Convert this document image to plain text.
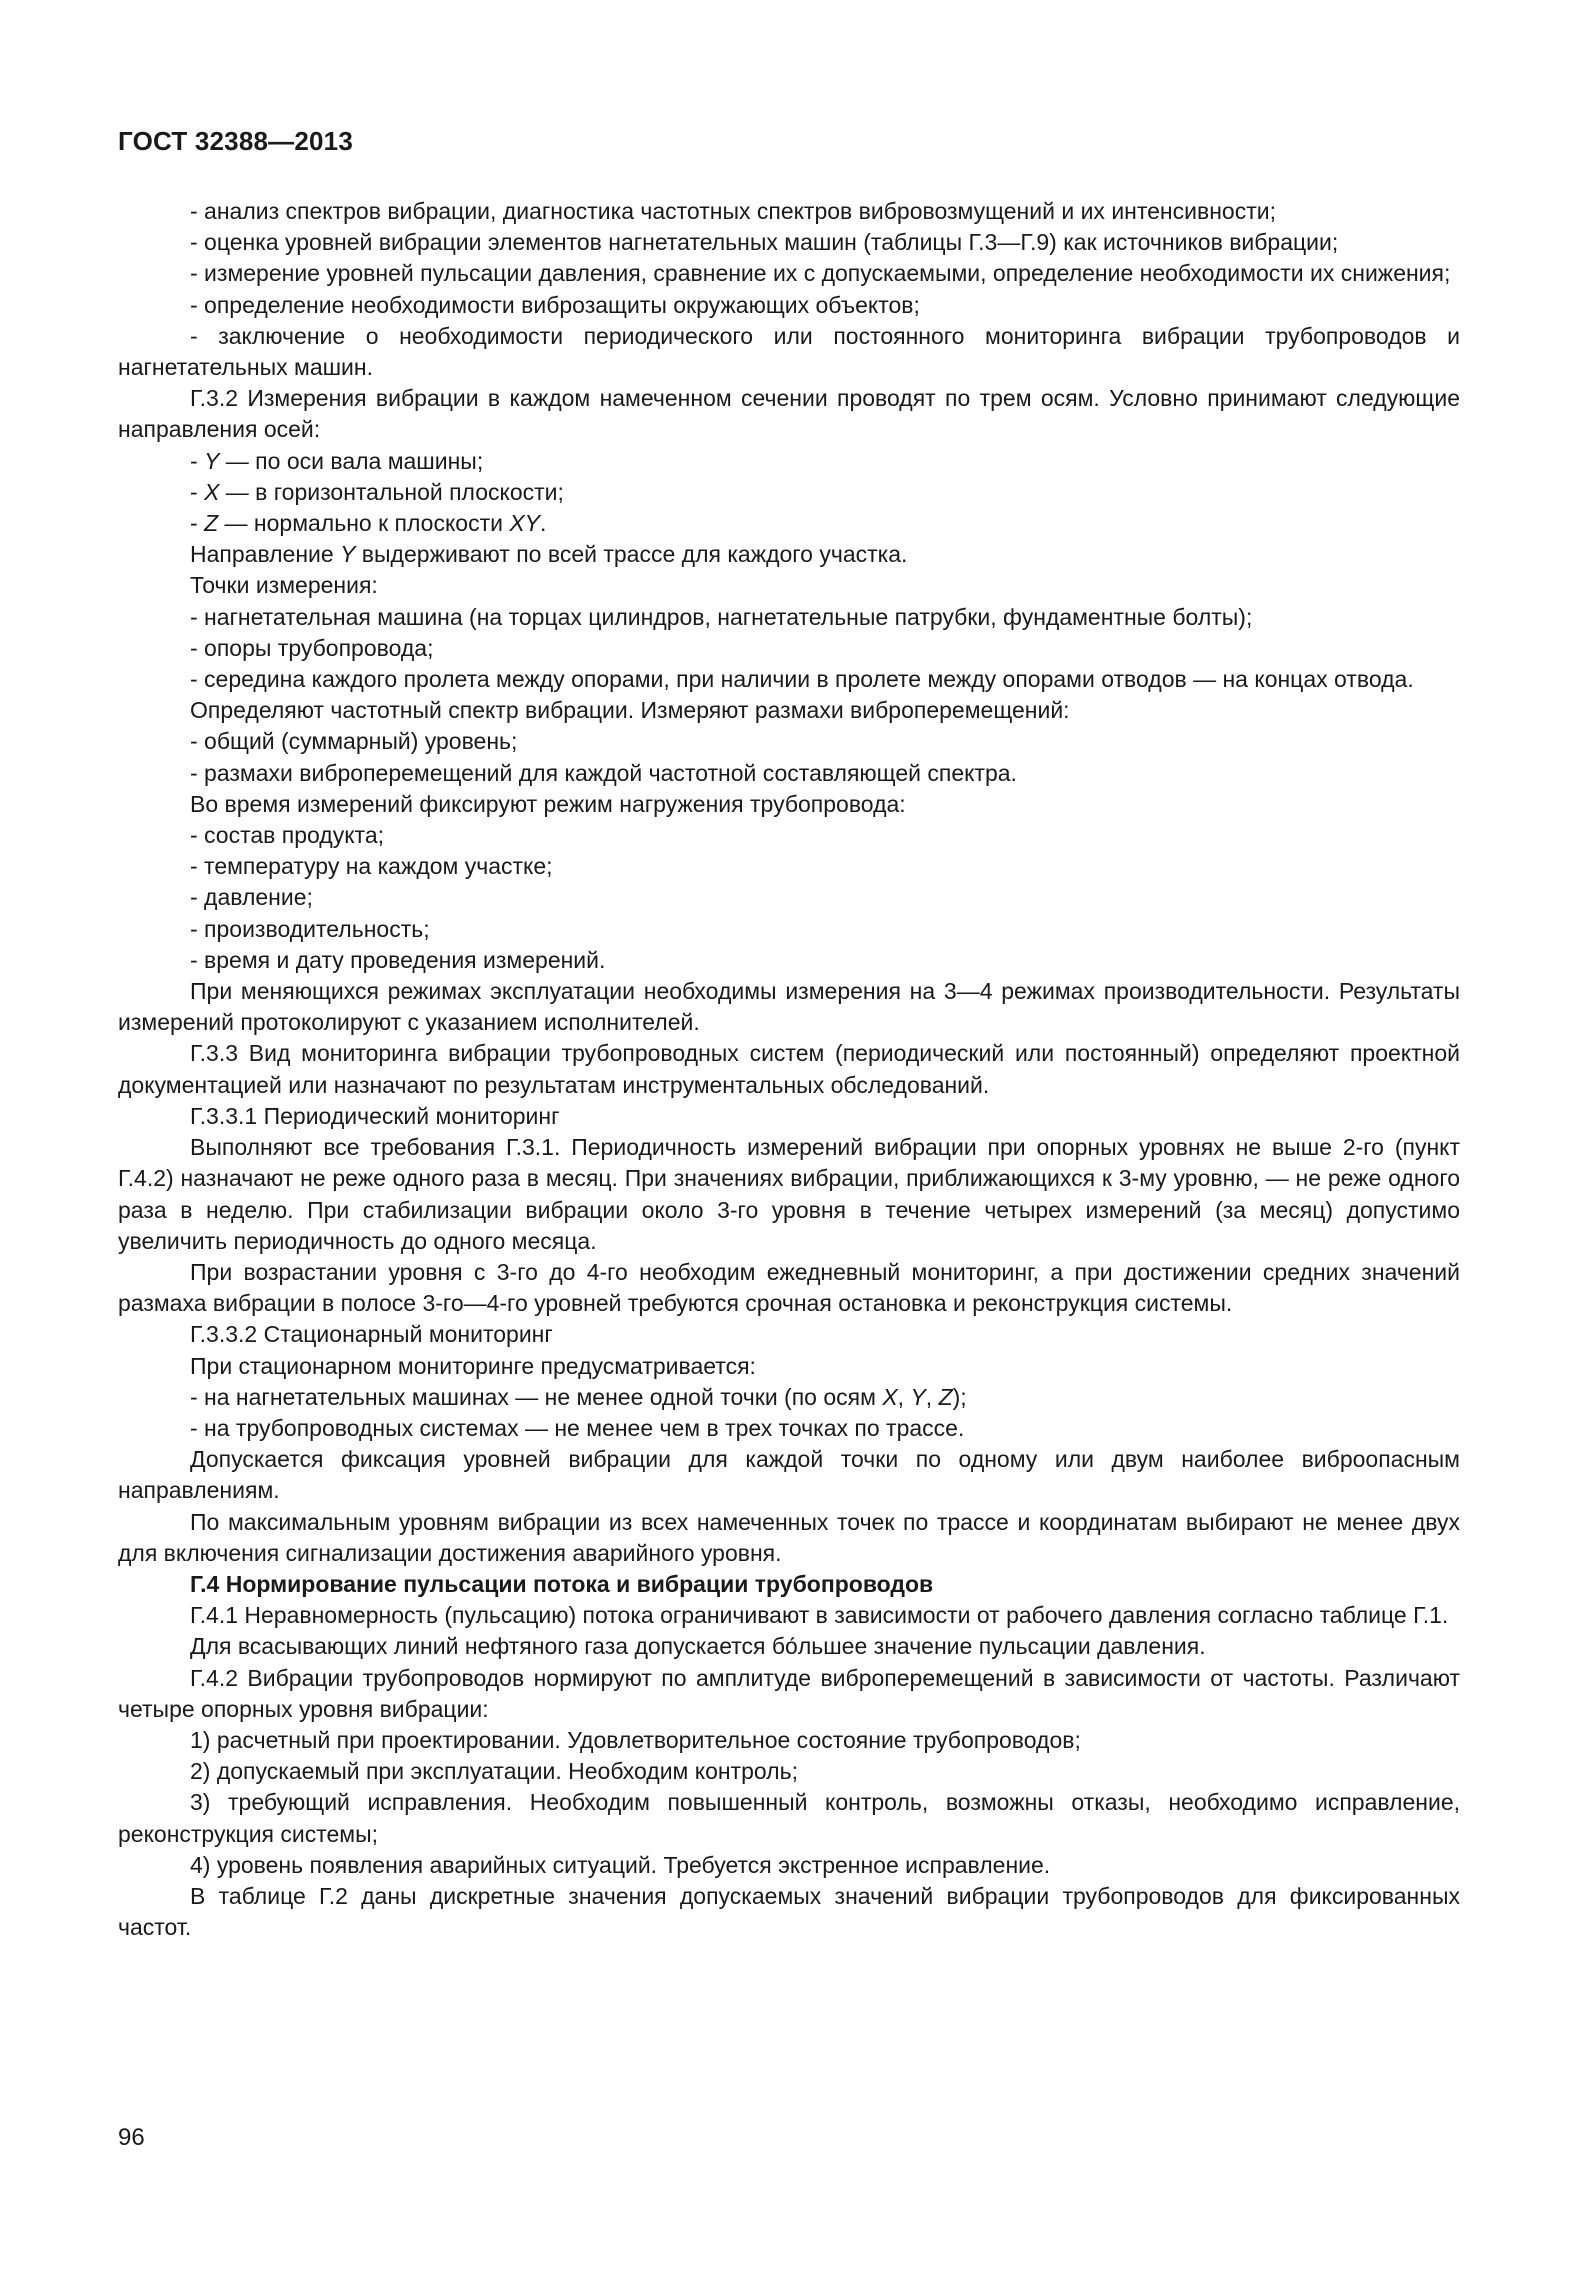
ГОСТ 32388—2013

- анализ спектров вибрации, диагностика частотных спектров вибровозмущений и их интенсивности;

- оценка уровней вибрации элементов нагнетательных машин (таблицы Г.3—Г.9) как источников вибрации;

- измерение уровней пульсации давления, сравнение их с допускаемыми, определение необходимости их снижения;

- определение необходимости виброзащиты окружающих объектов;

- заключение о необходимости периодического или постоянного мониторинга вибрации трубопроводов и нагнетательных машин.

Г.3.2 Измерения вибрации в каждом намеченном сечении проводят по трем осям. Условно принимают следующие направления осей:

- Y — по оси вала машины;

- X — в горизонтальной плоскости;

- Z — нормально к плоскости XY.

Направление Y выдерживают по всей трассе для каждого участка.

Точки измерения:

- нагнетательная машина (на торцах цилиндров, нагнетательные патрубки, фундаментные болты);

- опоры трубопровода;

- середина каждого пролета между опорами, при наличии в пролете между опорами отводов — на концах отвода.

Определяют частотный спектр вибрации. Измеряют размахи виброперемещений:

- общий (суммарный) уровень;

- размахи виброперемещений для каждой частотной составляющей спектра.

Во время измерений фиксируют режим нагружения трубопровода:

- состав продукта;

- температуру на каждом участке;

- давление;

- производительность;

- время и дату проведения измерений.

При меняющихся режимах эксплуатации необходимы измерения на 3—4 режимах производительности. Результаты измерений протоколируют с указанием исполнителей.

Г.3.3 Вид мониторинга вибрации трубопроводных систем (периодический или постоянный) определяют проектной документацией или назначают по результатам инструментальных обследований.

Г.3.3.1 Периодический мониторинг

Выполняют все требования Г.3.1. Периодичность измерений вибрации при опорных уровнях не выше 2-го (пункт Г.4.2) назначают не реже одного раза в месяц. При значениях вибрации, приближающихся к 3-му уровню, — не реже одного раза в неделю. При стабилизации вибрации около 3-го уровня в течение четырех измерений (за месяц) допустимо увеличить периодичность до одного месяца.

При возрастании уровня с 3-го до 4-го необходим ежедневный мониторинг, а при достижении средних значений размаха вибрации в полосе 3-го—4-го уровней требуются срочная остановка и реконструкция системы.

Г.3.3.2 Стационарный мониторинг

При стационарном мониторинге предусматривается:

- на нагнетательных машинах — не менее одной точки (по осям X, Y, Z);

- на трубопроводных системах — не менее чем в трех точках по трассе.

Допускается фиксация уровней вибрации для каждой точки по одному или двум наиболее виброопасным направлениям.

По максимальным уровням вибрации из всех намеченных точек по трассе и координатам выбирают не менее двух для включения сигнализации достижения аварийного уровня.

Г.4 Нормирование пульсации потока и вибрации трубопроводов

Г.4.1 Неравномерность (пульсацию) потока ограничивают в зависимости от рабочего давления согласно таблице Г.1.

Для всасывающих линий нефтяного газа допускается бо́льшее значение пульсации давления.

Г.4.2 Вибрации трубопроводов нормируют по амплитуде виброперемещений в зависимости от частоты. Различают четыре опорных уровня вибрации:

1) расчетный при проектировании. Удовлетворительное состояние трубопроводов;

2) допускаемый при эксплуатации. Необходим контроль;

3) требующий исправления. Необходим повышенный контроль, возможны отказы, необходимо исправление, реконструкция системы;

4) уровень появления аварийных ситуаций. Требуется экстренное исправление.

В таблице Г.2 даны дискретные значения допускаемых значений вибрации трубопроводов для фиксированных частот.

96
